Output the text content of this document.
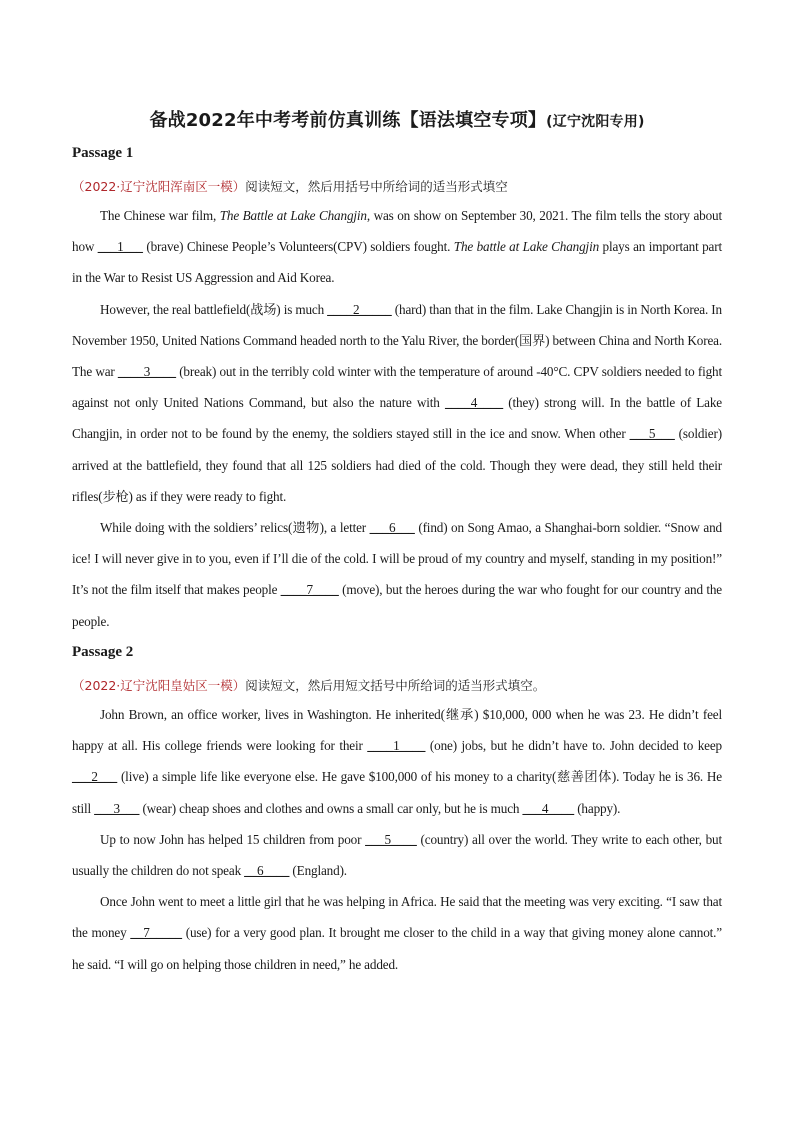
备战2022年中考考前仿真训练【语法填空专项】(辽宁沈阳专用)
Passage 1
（2022·辽宁沈阳浑南区一模）阅读短文，然后用括号中所给词的适当形式填空

The Chinese war film, The Battle at Lake Changjin, was on show on September 30, 2021. The film tells the story about how ___1___ (brave) Chinese People’s Volunteers(CPV) soldiers fought. The battle at Lake Changjin plays an important part in the War to Resist US Aggression and Aid Korea.

However, the real battlefield(战场) is much ____2_____ (hard) than that in the film. Lake Changjin is in North Korea. In November 1950, United Nations Command headed north to the Yalu River, the border(国界) between China and North Korea. The war ____3____ (break) out in the terribly cold winter with the temperature of around -40°C. CPV soldiers needed to fight against not only United Nations Command, but also the nature with ____4____ (they) strong will. In the battle of Lake Changjin, in order not to be found by the enemy, the soldiers stayed still in the ice and snow. When other ___5___ (soldier) arrived at the battlefield, they found that all 125 soldiers had died of the cold. Though they were dead, they still held their rifles(步枪) as if they were ready to fight.

While doing with the soldiers’ relics(遗物), a letter ___6___ (find) on Song Amao, a Shanghai-born soldier. “Snow and ice! I will never give in to you, even if I’ll die of the cold. I will be proud of my country and myself, standing in my position!” It’s not the film itself that makes people ____7____ (move), but the heroes during the war who fought for our country and the people.

Passage 2
（2022·辽宁沈阳皇姑区一模）阅读短文，然后用短文括号中所给词的适当形式填空。

John Brown, an office worker, lives in Washington. He inherited(继承) $10,000, 000 when he was 23. He didn’t feel happy at all. His college friends were looking for their ____1____ (one) jobs, but he didn’t have to. John decided to keep ___2___ (live) a simple life like everyone else. He gave $100,000 of his money to a charity(慈善团体). Today he is 36. He still ___3___ (wear) cheap shoes and clothes and owns a small car only, but he is much ___4____ (happy).

Up to now John has helped 15 children from poor ___5____ (country) all over the world. They write to each other, but usually the children do not speak __6____ (England).

Once John went to meet a little girl that he was helping in Africa. He said that the meeting was very exciting. “I saw that the money __7_____ (use) for a very good plan. It brought me closer to the child in a way that giving money alone cannot.” he said. “I will go on helping those children in need,” he added.
